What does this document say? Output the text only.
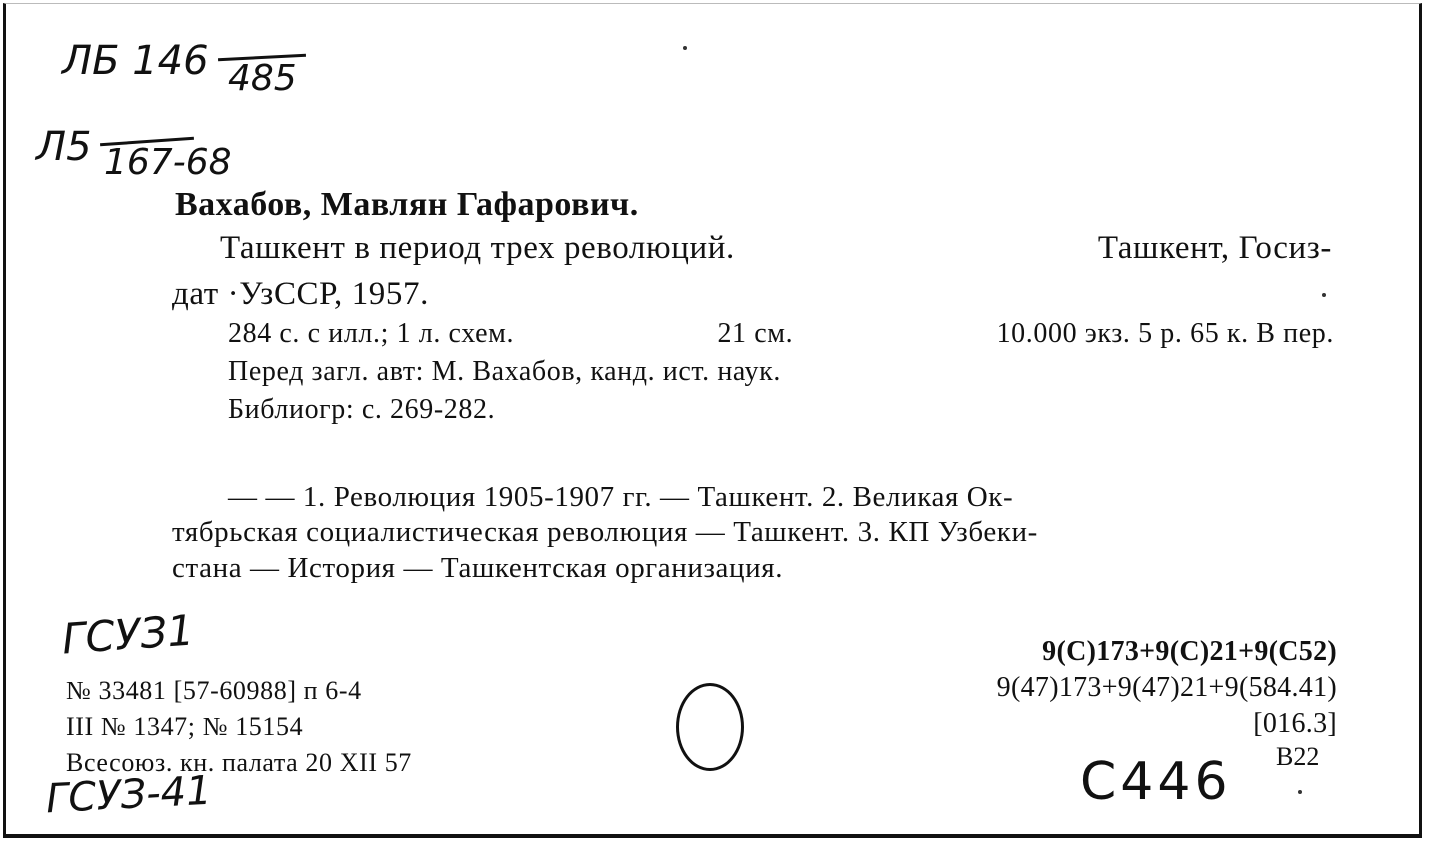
ЛБ 146 485
Л5 167-68
Вахабов, Мавлян Гафарович.
Ташкент в период трех революций.	Ташкент, Госиз-
дат ·УзССР, 1957.
284 с. с илл.; 1 л. схем.	21 см.	10.000 экз. 5 р. 65 к. В пер.
Перед загл. авт: М. Вахабов, канд. ист. наук.
Библиогр: с. 269-282.
— — 1. Революция 1905-1907 гг. — Ташкент. 2. Великая Ок-
тябрьская социалистическая революция — Ташкент. 3. КП Узбеки-
стана — История — Ташкентская организация.
ГСУЗ1
№ 33481 [57-60988] п 6-4
III № 1347; № 15154
Всесоюз. кн. палата 20 XII 57
ГСУЗ-41
9(С)173+9(С)21+9(С52)
9(47)173+9(47)21+9(584.41)
[016.3]
В22
С446
